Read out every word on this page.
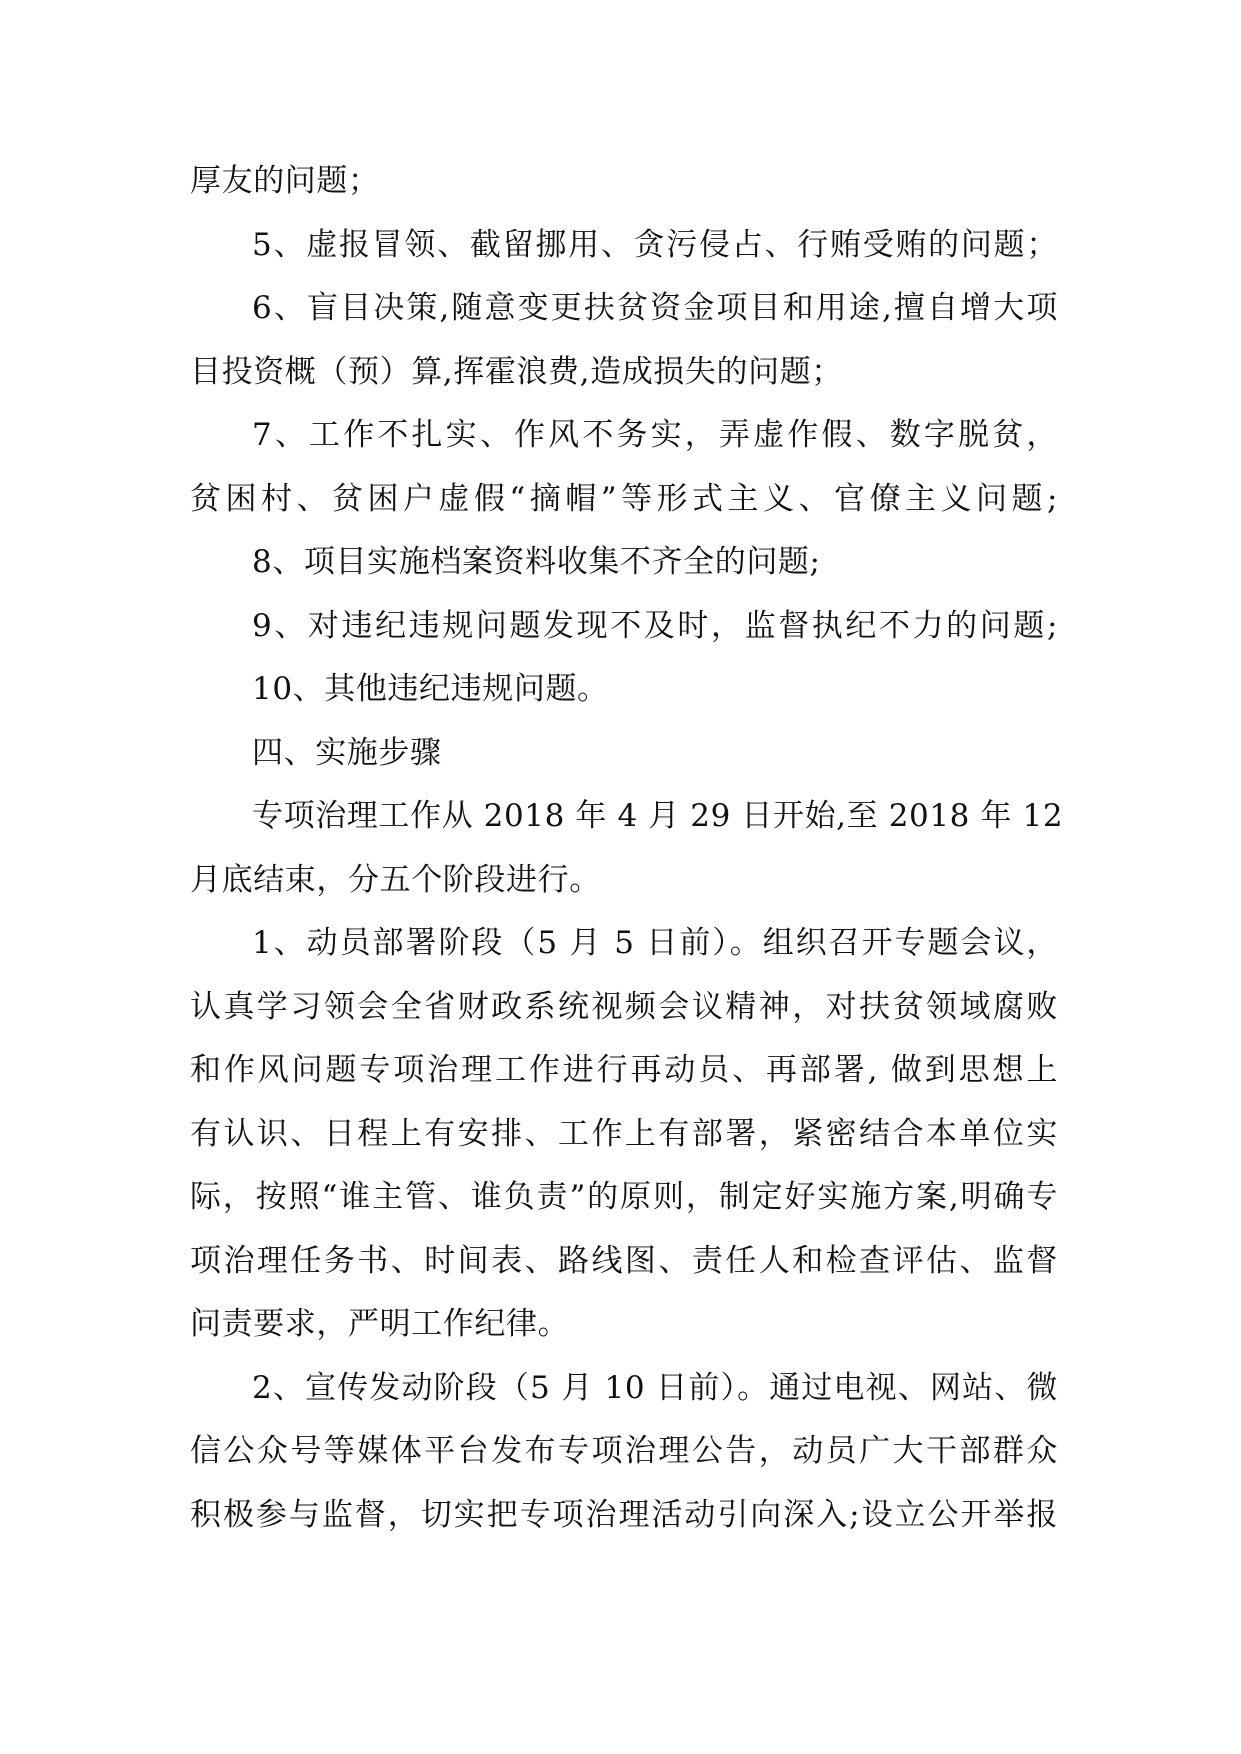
厚友的问题；
5、虚报冒领、截留挪用、贪污侵占、行贿受贿的问题；
6、盲目决策,随意变更扶贫资金项目和用途,擅自增大项
目投资概（预）算,挥霍浪费,造成损失的问题；
7、工作不扎实、作风不务实，弄虚作假、数字脱贫，
贫困村、贫困户虚假“摘帽”等形式主义、官僚主义问题;
8、项目实施档案资料收集不齐全的问题;
9、对违纪违规问题发现不及时，监督执纪不力的问题;
10、其他违纪违规问题。
四、实施步骤
专项治理工作从 2018 年 4 月 29 日开始,至 2018 年 12
月底结束，分五个阶段进行。
1、动员部署阶段（5 月 5 日前）。组织召开专题会议，
认真学习领会全省财政系统视频会议精神，对扶贫领域腐败
和作风问题专项治理工作进行再动员、再部署, 做到思想上
有认识、日程上有安排、工作上有部署，紧密结合本单位实
际，按照“谁主管、谁负责”的原则，制定好实施方案,明确专
项治理任务书、时间表、路线图、责任人和检查评估、监督
问责要求，严明工作纪律。
2、宣传发动阶段（5 月 10 日前）。通过电视、网站、微
信公众号等媒体平台发布专项治理公告，动员广大干部群众
积极参与监督，切实把专项治理活动引向深入;设立公开举报
